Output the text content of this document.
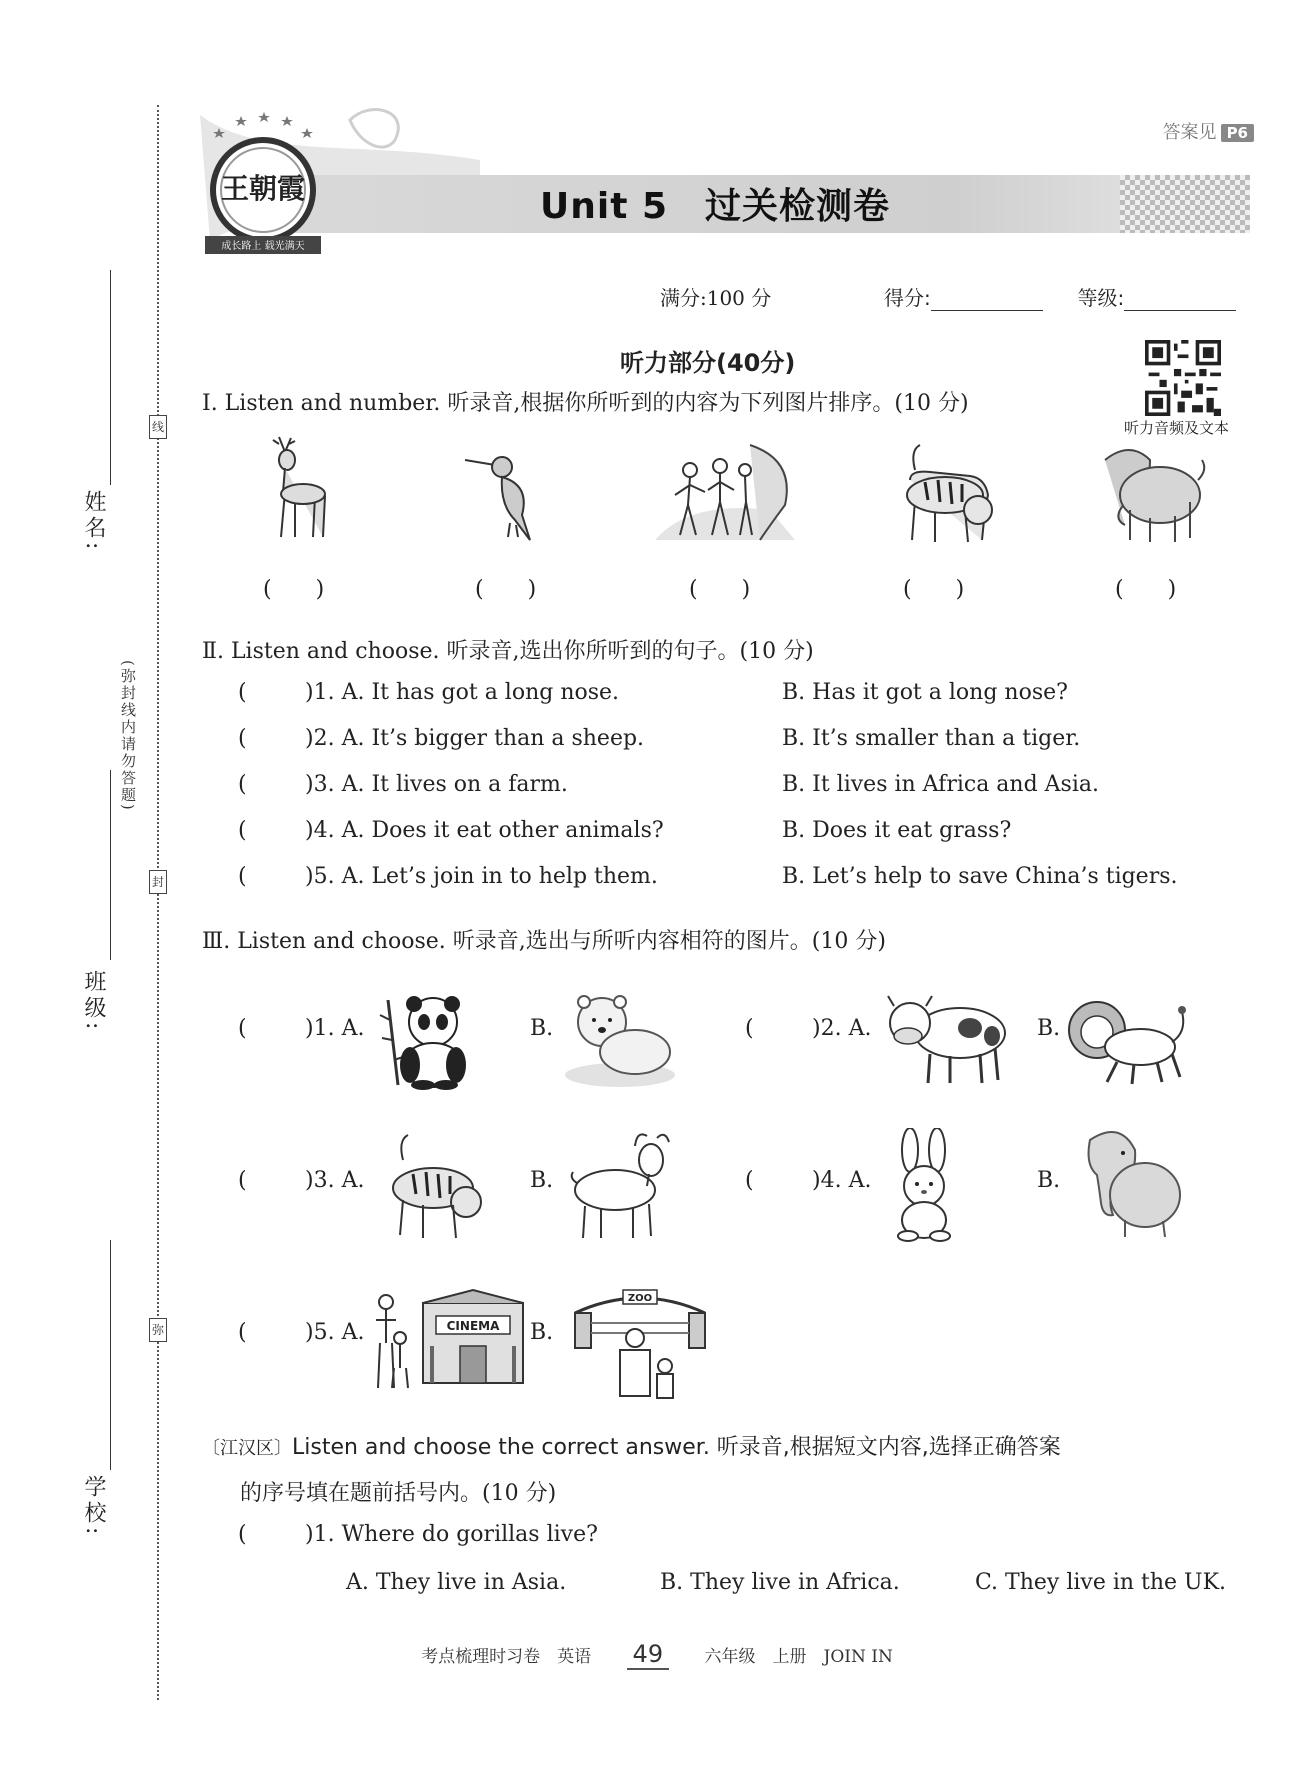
线
封
弥
(弥封线内请勿答题)
姓名:
班级:
学校:
答案见 P6
王朝霞
成长路上 载光满天
Unit 5　过关检测卷
满分:100 分	得分:	等级:
听力部分(40分)
听力音频及文本
Ⅰ. Listen and number. 听录音,根据你所听到的内容为下列图片排序。(10 分)
(　　)	(　　)	(　　)	(　　)	(　　)
Ⅱ. Listen and choose. 听录音,选出你所听到的句子。(10 分)
(	)1. A. It has got a long nose.	B. Has it got a long nose?
(	)2. A. It’s bigger than a sheep.	B. It’s smaller than a tiger.
(	)3. A. It lives on a farm.	B. It lives in Africa and Asia.
(	)4. A. Does it eat other animals?	B. Does it eat grass?
(	)5. A. Let’s join in to help them.	B. Let’s help to save China’s tigers.
Ⅲ. Listen and choose. 听录音,选出与所听内容相符的图片。(10 分)
(	)1. A.	B.	(	)2. A.	B.
(	)3. A.	B.	(	)4. A.	B.
(	)5. A.	CINEMA B.
ZOO
〔江汉区〕Listen and choose the correct answer. 听录音,根据短文内容,选择正确答案
的序号填在题前括号内。(10 分)
(	)1. Where do gorillas live?
A. They live in Asia.	B. They live in Africa.	C. They live in the UK.
考点梳理时习卷　英语 49 六年级　上册　JOIN IN
